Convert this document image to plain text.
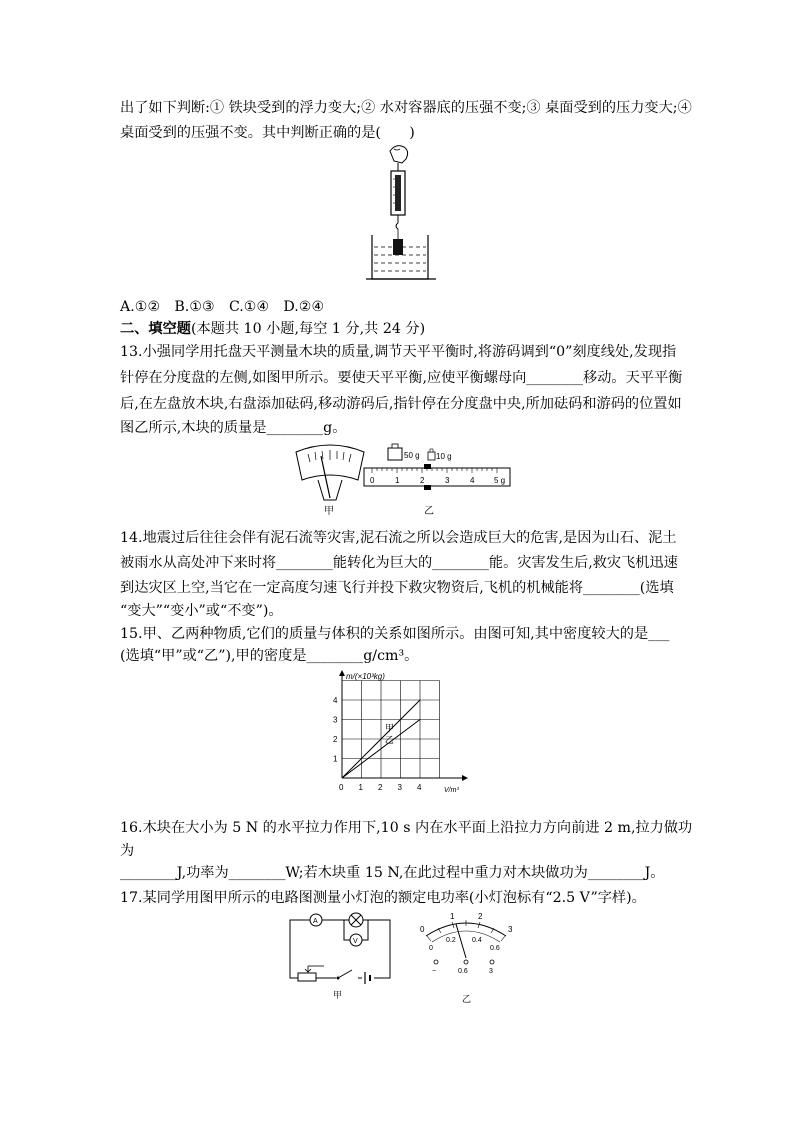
出了如下判断:① 铁块受到的浮力变大;② 水对容器底的压强不变;③ 桌面受到的压力变大;④
桌面受到的压强不变。其中判断正确的是(　　)
A.①②　B.①③　C.①④　D.②④
二、填空题(本题共 10 小题,每空 1 分,共 24 分)
13.小强同学用托盘天平测量木块的质量,调节天平平衡时,将游码调到“0”刻度线处,发现指
针停在分度盘的左侧,如图甲所示。要使天平平衡,应使平衡螺母向________移动。天平平衡
后,在左盘放木块,右盘添加砝码,移动游码后,指针停在分度盘中央,所加砝码和游码的位置如
图乙所示,木块的质量是________g。
甲
50 g 10 g
0	1	2	3	4 5 g
乙
14.地震过后往往会伴有泥石流等灾害,泥石流之所以会造成巨大的危害,是因为山石、泥土
被雨水从高处冲下来时将________能转化为巨大的________能。灾害发生后,救灾飞机迅速
到达灾区上空,当它在一定高度匀速飞行并投下救灾物资后,飞机的机械能将________(选填
“变大”“变小”或“不变”)。
15.甲、乙两种物质,它们的质量与体积的关系如图所示。由图可知,其中密度较大的是___
(选填“甲”或“乙”),甲的密度是________g/cm³。
m/(×10³kg)
V/m³
0 1 2 3 4
1
2
3
4
甲
乙
16.木块在大小为 5 N 的水平拉力作用下,10 s 内在水平面上沿拉力方向前进 2 m,拉力做功
为
________J,功率为________W;若木块重 15 N,在此过程中重力对木块做功为________J。
17.某同学用图甲所示的电路图测量小灯泡的额定电功率(小灯泡标有“2.5 V”字样)。
A
V
甲
0
1	2
3
0
0.2 0.4
0.6
−	0.6	3
乙
